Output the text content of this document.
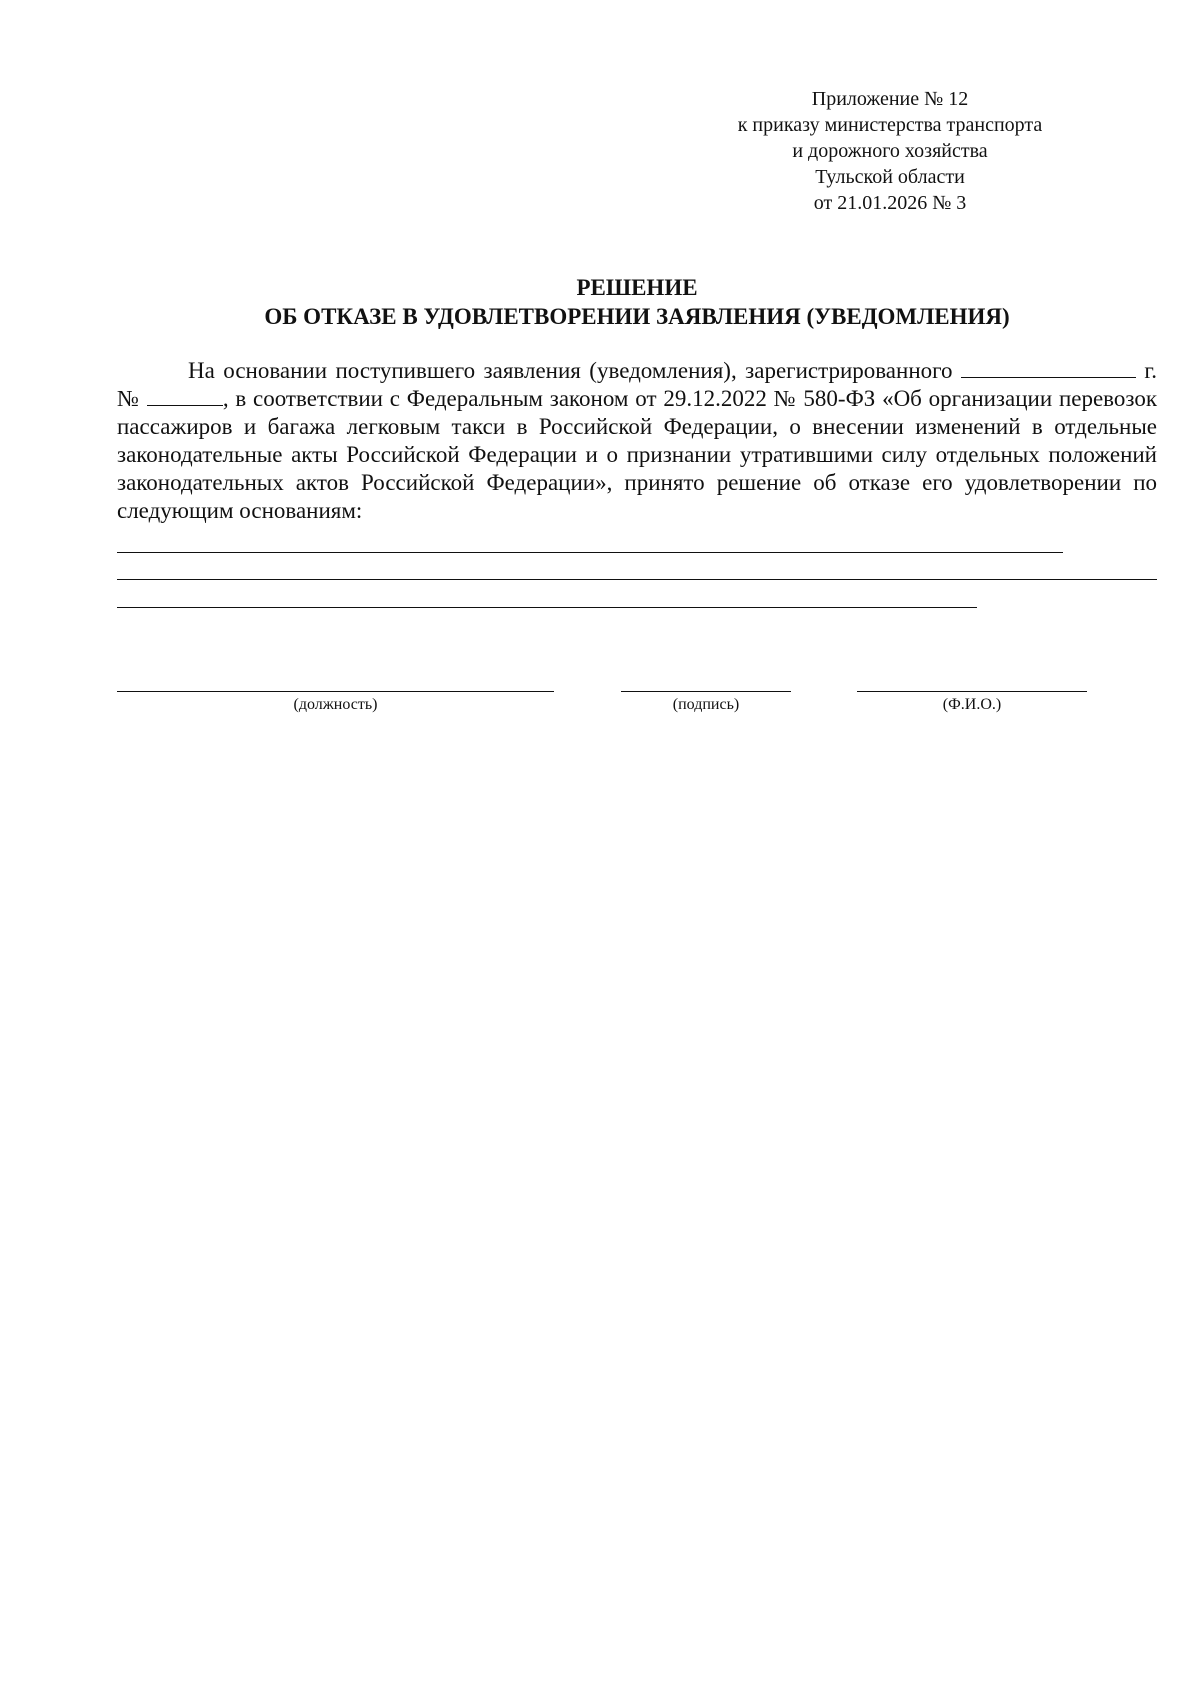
Приложение № 12
к приказу министерства транспорта
и дорожного хозяйства
Тульской области
от 21.01.2026 № 3
РЕШЕНИЕ
ОБ ОТКАЗЕ В УДОВЛЕТВОРЕНИИ ЗАЯВЛЕНИЯ (УВЕДОМЛЕНИЯ)

На основании поступившего заявления (уведомления), зарегистрированного	г. №	, в соответствии с Федеральным законом от 29.12.2022 № 580-ФЗ «Об организации перевозок пассажиров и багажа легковым такси в Российской Федерации, о внесении изменений в отдельные законодательные акты Российской Федерации и о признании утратившими силу отдельных положений законодательных актов Российской Федерации», принято решение об отказе его удовлетворении по следующим основаниям:

(должность)	(подпись)	(Ф.И.О.)
